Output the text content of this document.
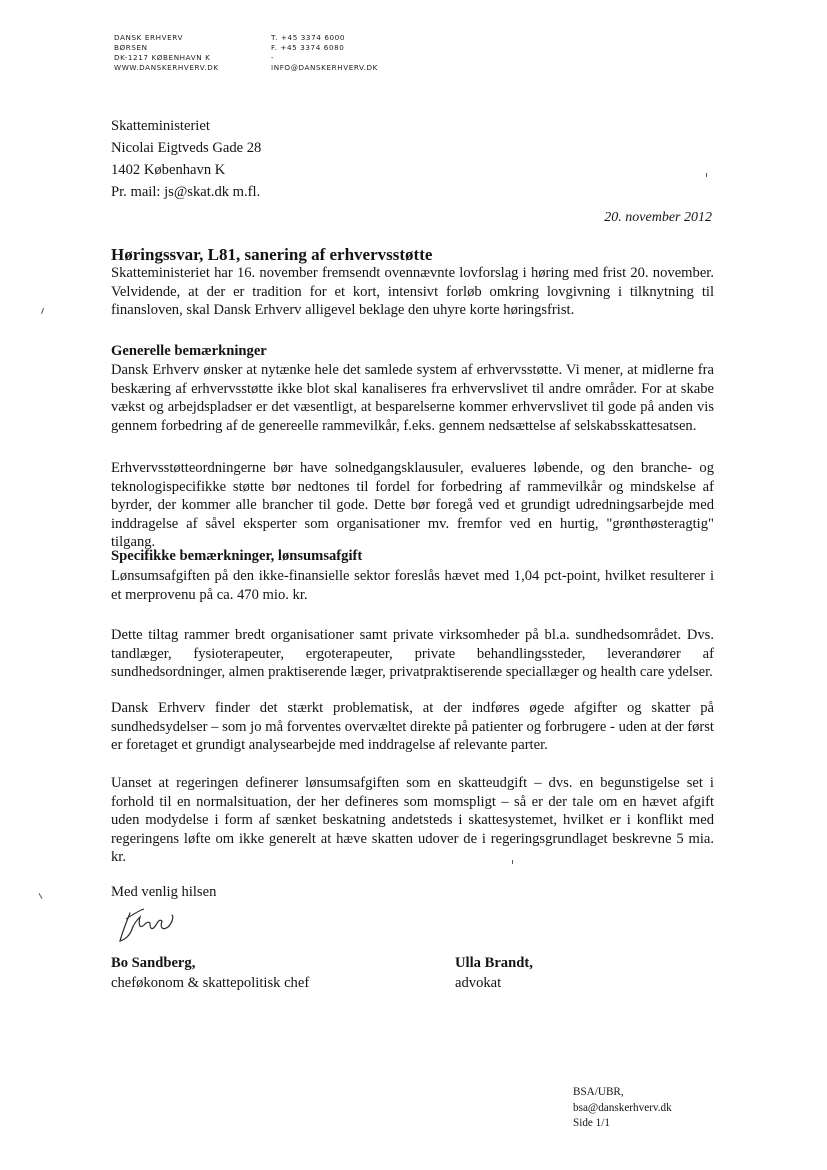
DANSK ERHVERV
BØRSEN
DK-1217 KØBENHAVN K
WWW.DANSKERHVERV.DK
T. +45 3374 6000
F. +45 3374 6080
-
INFO@DANSKERHVERV.DK
Skatteministeriet
Nicolai Eigtveds Gade 28
1402 København K
Pr. mail: js@skat.dk m.fl.
20. november 2012
Høringssvar, L81, sanering af erhvervsstøtte

Skatteministeriet har 16. november fremsendt ovennævnte lovforslag i høring med frist 20. november. Velvidende, at der er tradition for et kort, intensivt forløb omkring lovgivning i tilknytning til finansloven, skal Dansk Erhverv alligevel beklage den uhyre korte høringsfrist.

Generelle bemærkninger

Dansk Erhverv ønsker at nytænke hele det samlede system af erhvervsstøtte. Vi mener, at midlerne fra beskæring af erhvervsstøtte ikke blot skal kanaliseres fra erhvervslivet til andre områder. For at skabe vækst og arbejdspladser er det væsentligt, at besparelserne kommer erhvervslivet til gode på anden vis gennem forbedring af de genereelle rammevilkår, f.eks. gennem nedsættelse af selskabsskattesatsen.

Erhvervsstøtteordningerne bør have solnedgangsklausuler, evalueres løbende, og den branche- og teknologispecifikke støtte bør nedtones til fordel for forbedring af rammevilkår og mindskelse af byrder, der kommer alle brancher til gode. Dette bør foregå ved et grundigt udredningsarbejde med inddragelse af såvel eksperter som organisationer mv. fremfor ved en hurtig, "grønthøsteragtig" tilgang.

Specifikke bemærkninger, lønsumsafgift

Lønsumsafgiften på den ikke-finansielle sektor foreslås hævet med 1,04 pct-point, hvilket resulterer i et merprovenu på ca. 470 mio. kr.

Dette tiltag rammer bredt organisationer samt private virksomheder på bl.a. sundhedsområdet. Dvs. tandlæger, fysioterapeuter, ergoterapeuter, private behandlingssteder, leverandører af sundhedsordninger, almen praktiserende læger, privatpraktiserende speciallæger og health care ydelser.

Dansk Erhverv finder det stærkt problematisk, at der indføres øgede afgifter og skatter på sundhedsydelser – som jo må forventes overvæltet direkte på patienter og forbrugere - uden at der først er foretaget et grundigt analysearbejde med inddragelse af relevante parter.

Uanset at regeringen definerer lønsumsafgiften som en skatteudgift – dvs. en begunstigelse set i forhold til en normalsituation, der her defineres som momspligt – så er der tale om en hævet afgift uden modydelse i form af sænket beskatning andetsteds i skattesystemet, hvilket er i konflikt med regeringens løfte om ikke generelt at hæve skatten udover de i regeringsgrundlaget beskrevne 5 mia. kr.

Med venlig hilsen
Bo Sandberg,
cheføkonom & skattepolitisk chef
Ulla Brandt,
advokat
BSA/UBR,
bsa@danskerhverv.dk
Side 1/1
